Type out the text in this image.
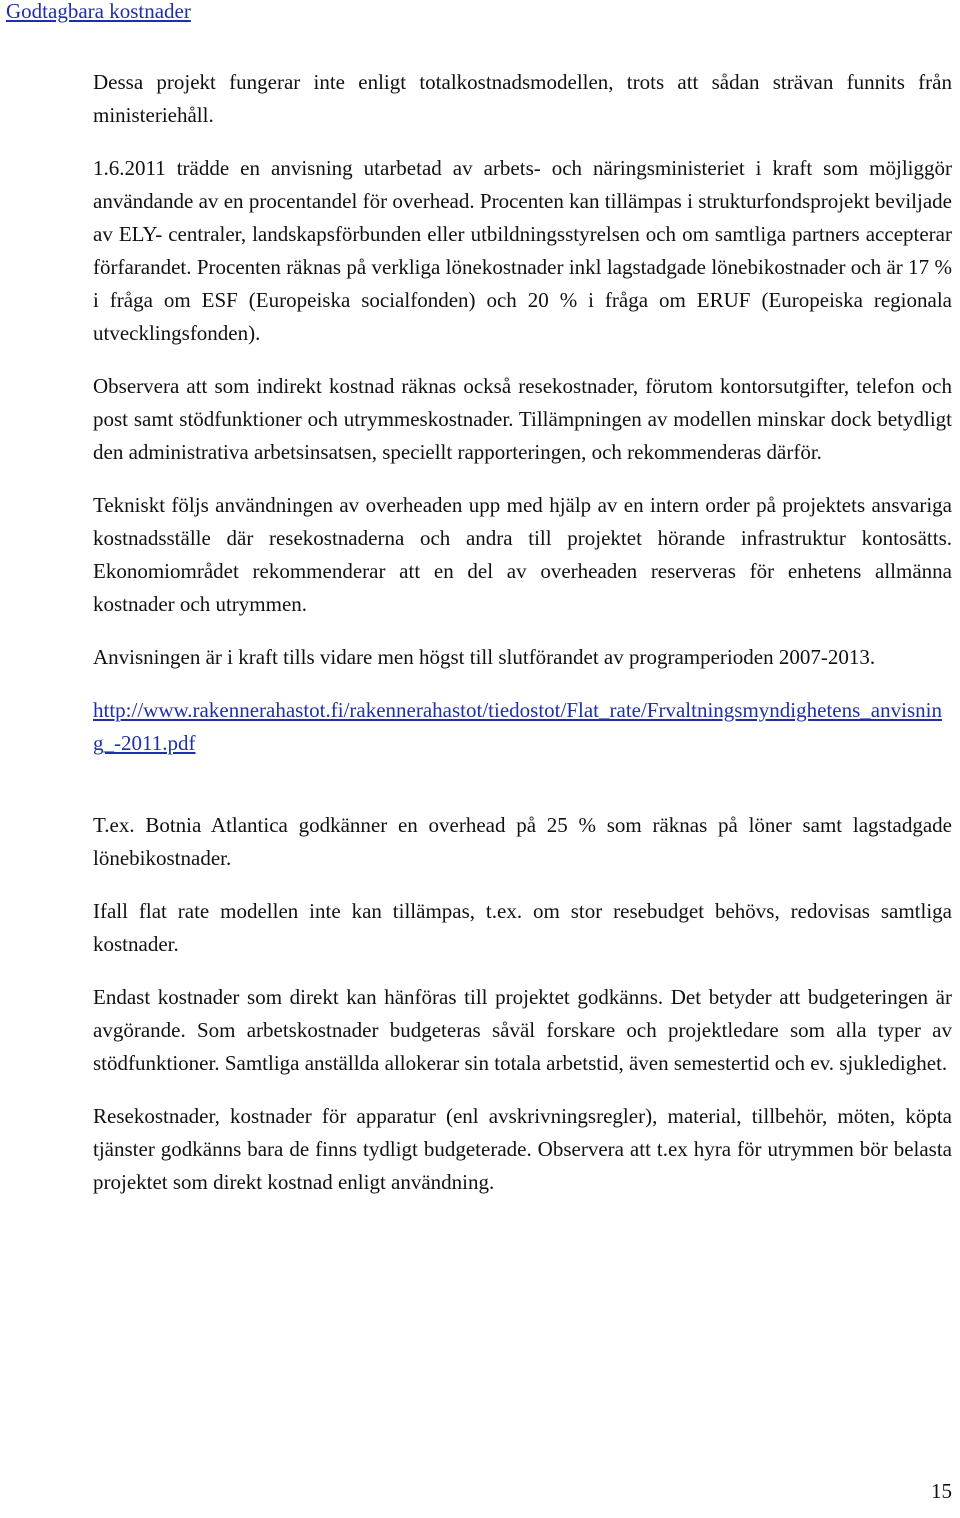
Godtagbara kostnader

Dessa projekt fungerar inte enligt totalkostnadsmodellen, trots att sådan strävan funnits från ministeriehåll.

1.6.2011 trädde en anvisning utarbetad av arbets- och näringsministeriet i kraft som möjliggör användande av en procentandel för overhead. Procenten kan tillämpas i strukturfondsprojekt beviljade av ELY- centraler, landskapsförbunden eller utbildningsstyrelsen och om samtliga partners accepterar förfarandet. Procenten räknas på verkliga lönekostnader inkl lagstadgade lönebikostnader och är 17 % i fråga om ESF (Europeiska socialfonden) och 20 % i fråga om ERUF (Europeiska regionala utvecklingsfonden).

Observera att som indirekt kostnad räknas också resekostnader, förutom kontorsutgifter, telefon och post samt stödfunktioner och utrymmeskostnader. Tillämpningen av modellen minskar dock betydligt den administrativa arbetsinsatsen, speciellt rapporteringen, och rekommenderas därför.

Tekniskt följs användningen av overheaden upp med hjälp av en intern order på projektets ansvariga kostnadsställe där resekostnaderna och andra till projektet hörande infrastruktur kontosätts. Ekonomiområdet rekommenderar att en del av overheaden reserveras för enhetens allmänna kostnader och utrymmen.

Anvisningen är i kraft tills vidare men högst till slutförandet av programperioden 2007-2013.

http://www.rakennerahastot.fi/rakennerahastot/tiedostot/Flat_rate/Frvaltningsmyndighetens_anvisning_-2011.pdf

T.ex. Botnia Atlantica godkänner en overhead på 25 % som räknas på löner samt lagstadgade lönebikostnader.

Ifall flat rate modellen inte kan tillämpas, t.ex. om stor resebudget behövs, redovisas samtliga kostnader.

Endast kostnader som direkt kan hänföras till projektet godkänns. Det betyder att budgeteringen är avgörande. Som arbetskostnader budgeteras såväl forskare och projektledare som alla typer av stödfunktioner. Samtliga anställda allokerar sin totala arbetstid, även semestertid och ev. sjukledighet.

Resekostnader, kostnader för apparatur (enl avskrivningsregler), material, tillbehör, möten, köpta tjänster godkänns bara de finns tydligt budgeterade. Observera att t.ex hyra för utrymmen bör belasta projektet som direkt kostnad enligt användning.

15
